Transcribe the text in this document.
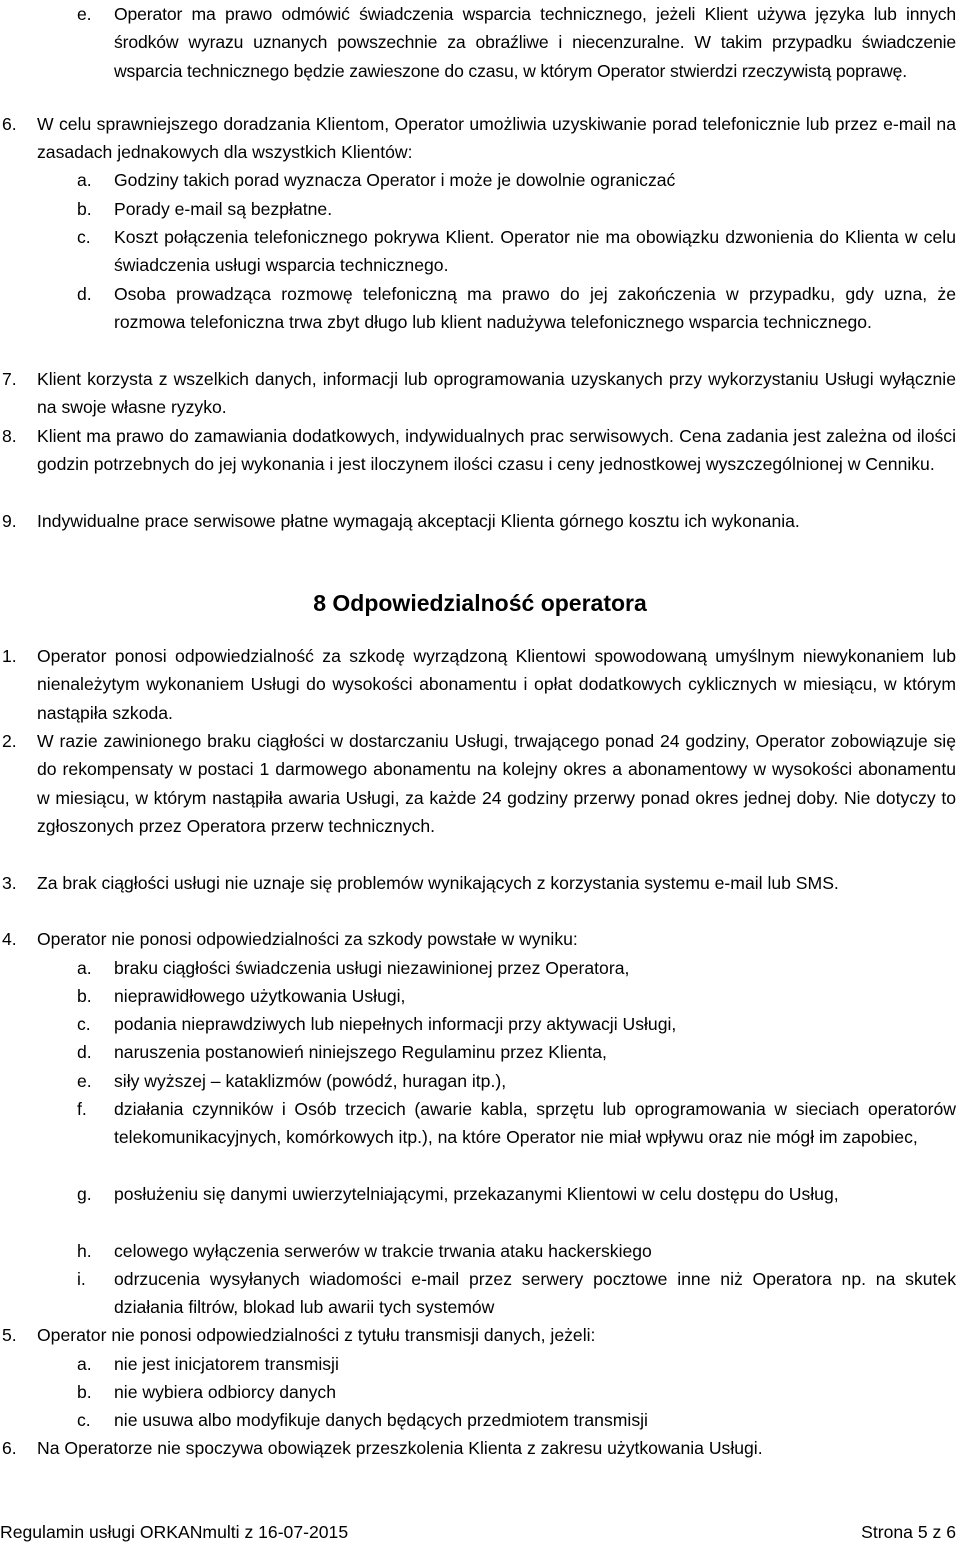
e. Operator ma prawo odmówić świadczenia wsparcia technicznego, jeżeli Klient używa języka lub innych środków wyrazu uznanych powszechnie za obraźliwe i niecenzuralne. W takim przypadku świadczenie wsparcia technicznego będzie zawieszone do czasu, w którym Operator stwierdzi rzeczywistą poprawę.
6. W celu sprawniejszego doradzania Klientom, Operator umożliwia uzyskiwanie porad telefonicznie lub przez e-mail na zasadach jednakowych dla wszystkich Klientów:
a. Godziny takich porad wyznacza Operator i może je dowolnie ograniczać
b. Porady e-mail są bezpłatne.
c. Koszt połączenia telefonicznego pokrywa Klient. Operator nie ma obowiązku dzwonienia do Klienta w celu świadczenia usługi wsparcia technicznego.
d. Osoba prowadząca rozmowę telefoniczną ma prawo do jej zakończenia w przypadku, gdy uzna, że rozmowa telefoniczna trwa zbyt długo lub klient nadużywa telefonicznego wsparcia technicznego.
7. Klient korzysta z wszelkich danych, informacji lub oprogramowania uzyskanych przy wykorzystaniu Usługi wyłącznie na swoje własne ryzyko.
8. Klient ma prawo do zamawiania dodatkowych, indywidualnych prac serwisowych. Cena zadania jest zależna od ilości godzin potrzebnych do jej wykonania i jest iloczynem ilości czasu i ceny jednostkowej wyszczególnionej w Cenniku.
9. Indywidualne prace serwisowe płatne wymagają akceptacji Klienta górnego kosztu ich wykonania.
8 Odpowiedzialność operatora
1. Operator ponosi odpowiedzialność za szkodę wyrządzoną Klientowi spowodowaną umyślnym niewykonaniem lub nienależytym wykonaniem Usługi do wysokości abonamentu i opłat dodatkowych cyklicznych w miesiącu, w którym nastąpiła szkoda.
2. W razie zawinionego braku ciągłości w dostarczaniu Usługi, trwającego ponad 24 godziny, Operator zobowiązuje się do rekompensaty w postaci 1 darmowego abonamentu na kolejny okres a abonamentowy w wysokości abonamentu w miesiącu, w którym nastąpiła awaria Usługi, za każde 24 godziny przerwy ponad okres jednej doby. Nie dotyczy to zgłoszonych przez Operatora przerw technicznych.
3. Za brak ciągłości usługi nie uznaje się problemów wynikających z korzystania systemu e-mail lub SMS.
4. Operator nie ponosi odpowiedzialności za szkody powstałe w wyniku:
a. braku ciągłości świadczenia usługi niezawinionej przez Operatora,
b. nieprawidłowego użytkowania Usługi,
c. podania nieprawdziwych lub niepełnych informacji przy aktywacji Usługi,
d. naruszenia postanowień niniejszego Regulaminu przez Klienta,
e. siły wyższej – kataklizmów (powódź, huragan itp.),
f. działania czynników i Osób trzecich (awarie kabla, sprzętu lub oprogramowania w sieciach operatorów telekomunikacyjnych, komórkowych itp.), na które Operator nie miał wpływu oraz nie mógł im zapobiec,
g. posłużeniu się danymi uwierzytelniającymi, przekazanymi Klientowi w celu dostępu do Usług,
h. celowego wyłączenia serwerów w trakcie trwania ataku hackerskiego
i. odrzucenia wysyłanych wiadomości e-mail przez serwery pocztowe inne niż Operatora np. na skutek działania filtrów, blokad lub awarii tych systemów
5. Operator nie ponosi odpowiedzialności z tytułu transmisji danych, jeżeli:
a. nie jest inicjatorem transmisji
b. nie wybiera odbiorcy danych
c. nie usuwa albo modyfikuje danych będących przedmiotem transmisji
6. Na Operatorze nie spoczywa obowiązek przeszkolenia Klienta z zakresu użytkowania Usługi.
Regulamin usługi ORKANmulti z 16-07-2015	Strona 5 z 6
